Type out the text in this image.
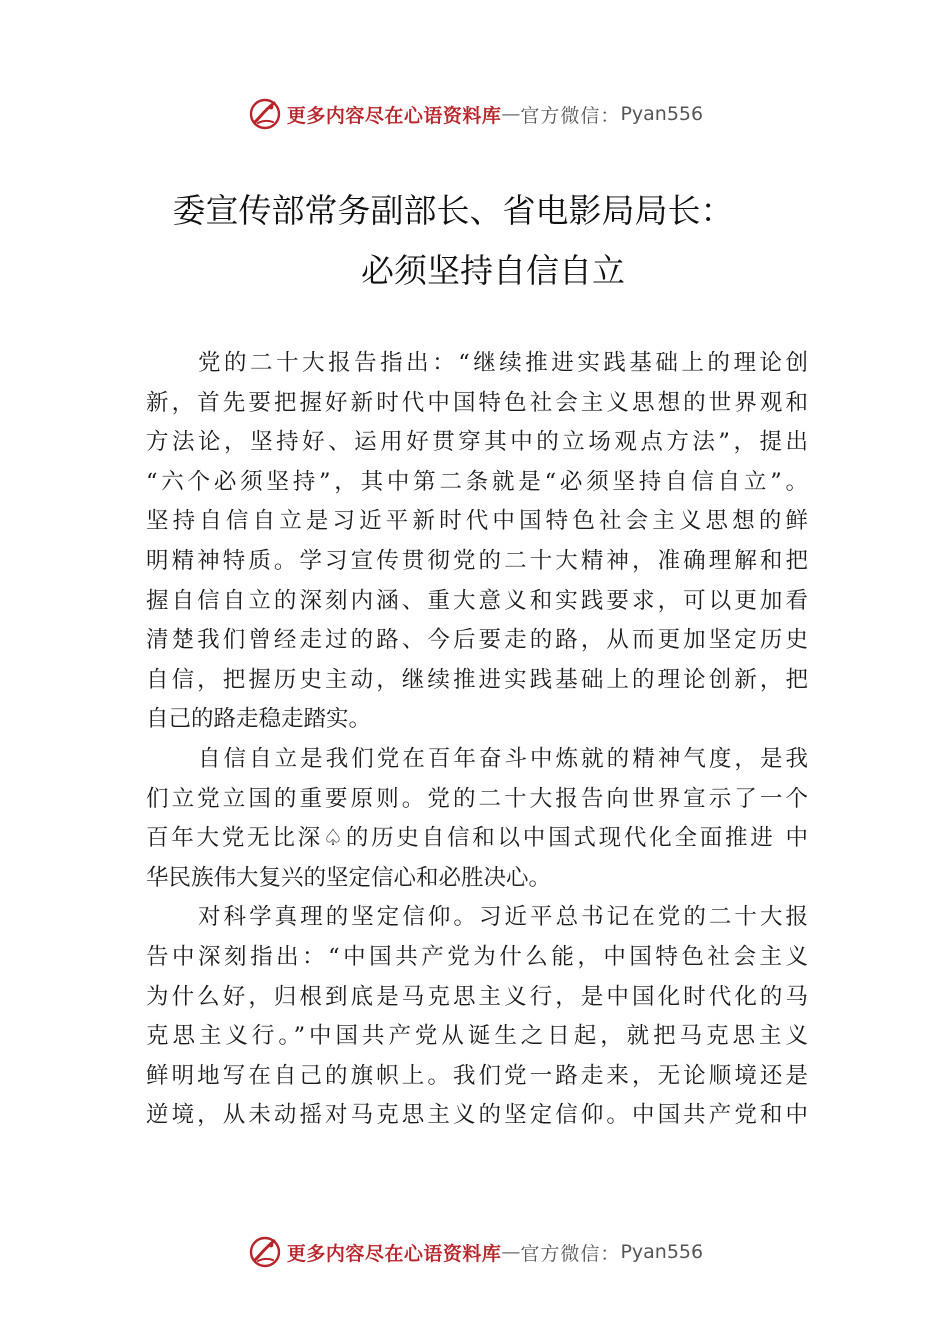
更多内容尽在心语资料库 — 官方微信： Pyan556
委宣传部常务副部长、省电影局局长：
必须坚持自信自立
党的二十大报告指出：“继续推进实践基础上的理论创
新，首先要把握好新时代中国特色社会主义思想的世界观和
方法论，坚持好、运用好贯穿其中的立场观点方法”，提出
“六个必须坚持”，其中第二条就是“必须坚持自信自立”。
坚持自信自立是习近平新时代中国特色社会主义思想的鲜
明精神特质。学习宣传贯彻党的二十大精神，准确理解和把
握自信自立的深刻内涵、重大意义和实践要求，可以更加看
清楚我们曾经走过的路、今后要走的路，从而更加坚定历史
自信，把握历史主动，继续推进实践基础上的理论创新，把
自己的路走稳走踏实。
自信自立是我们党在百年奋斗中炼就的精神气度，是我
们立党立国的重要原则。党的二十大报告向世界宣示了一个
百年大党无比深♤的历史自信和以中国式现代化全面推进 中
华民族伟大复兴的坚定信心和必胜决心。
对科学真理的坚定信仰。习近平总书记在党的二十大报
告中深刻指出：“中国共产党为什么能，中国特色社会主义
为什么好，归根到底是马克思主义行，是中国化时代化的马
克思主义行。”中国共产党从诞生之日起，就把马克思主义
鲜明地写在自己的旗帜上。我们党一路走来，无论顺境还是
逆境，从未动摇对马克思主义的坚定信仰。中国共产党和中
更多内容尽在心语资料库 — 官方微信： Pyan556
